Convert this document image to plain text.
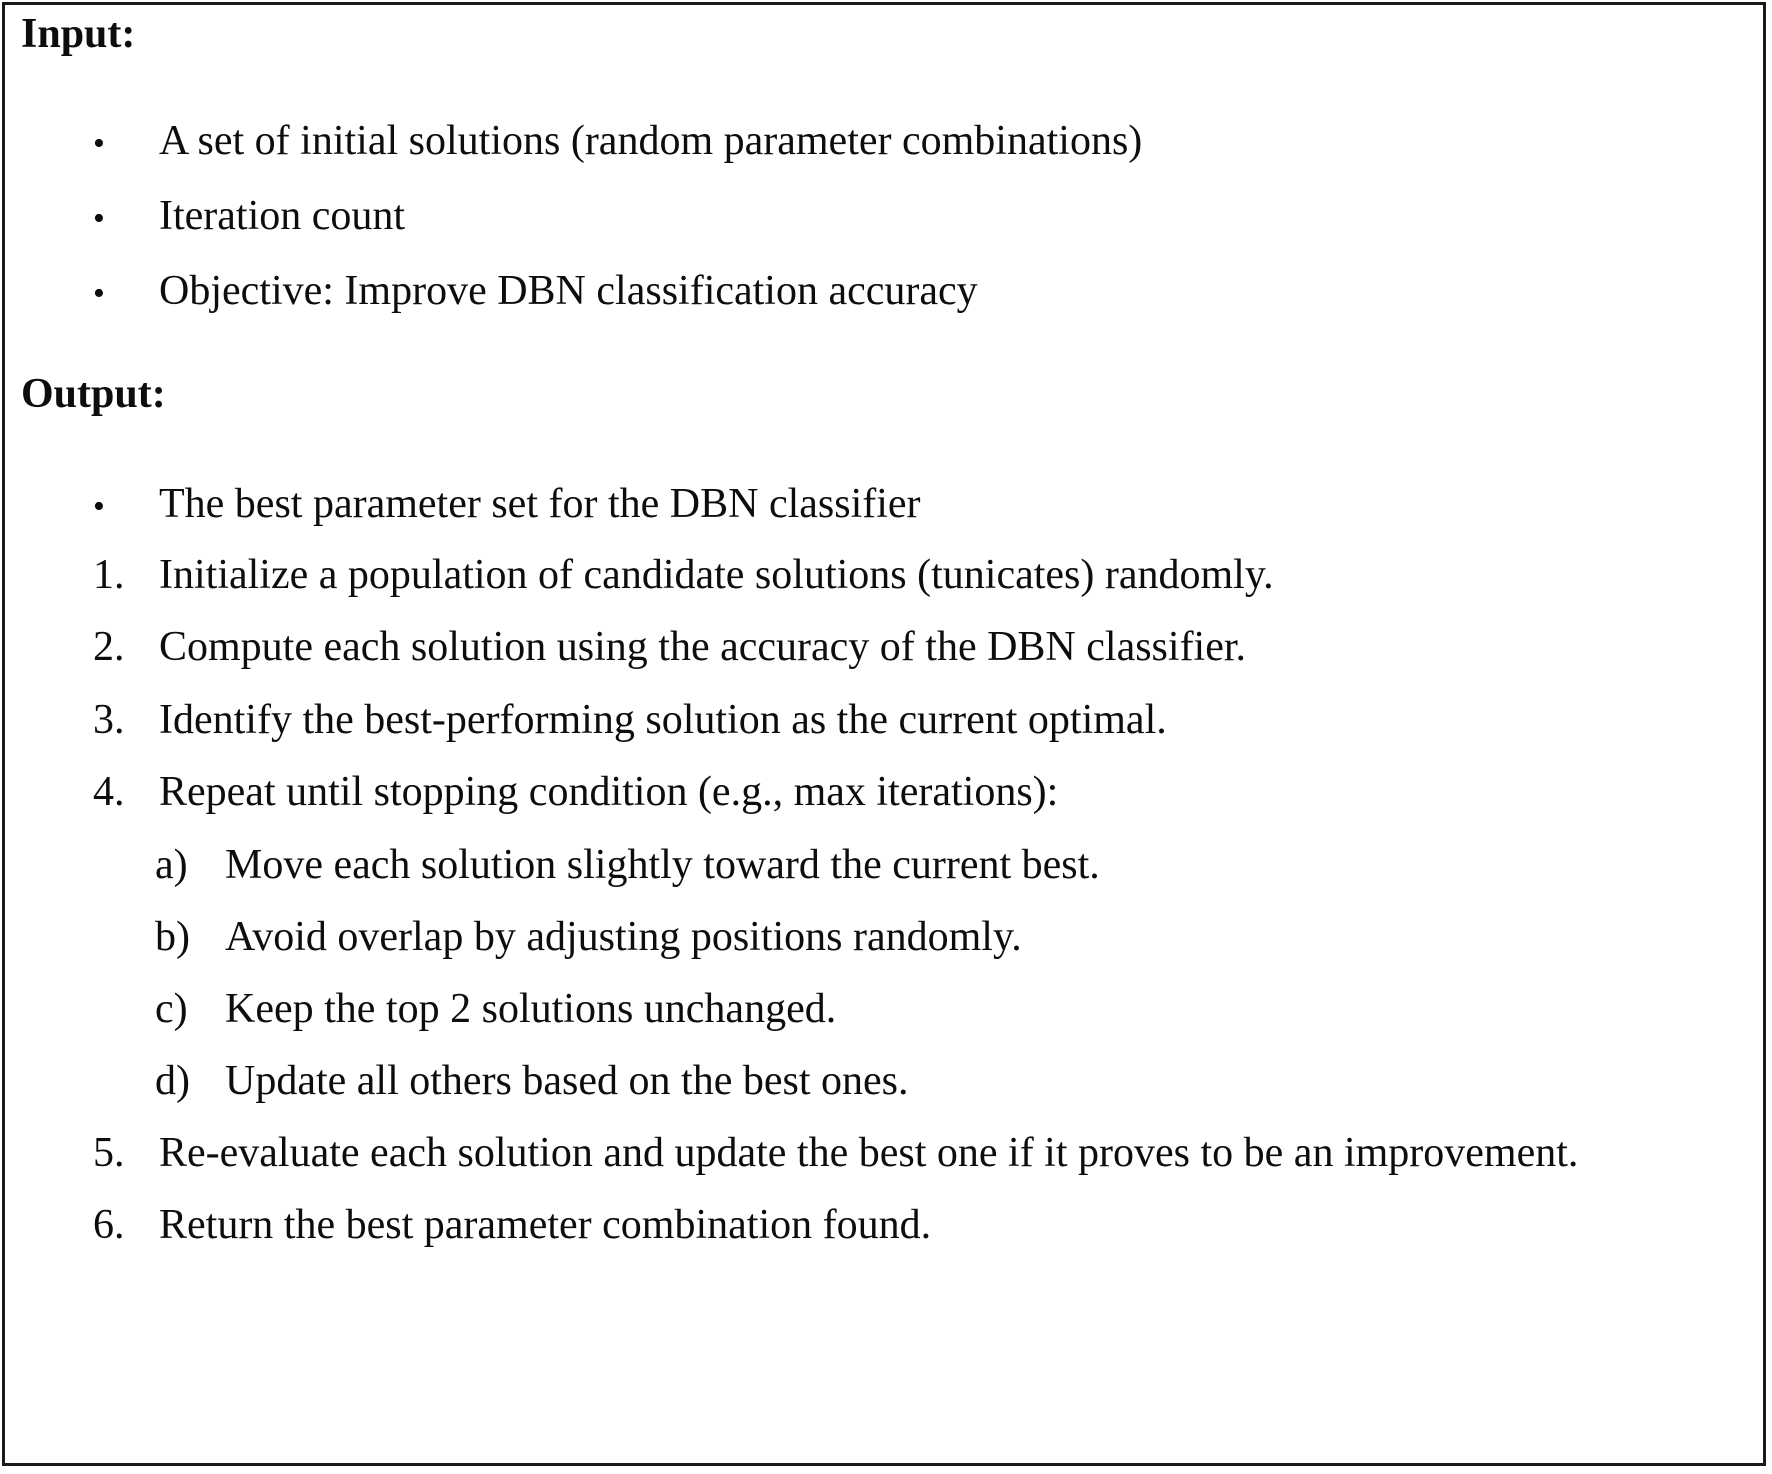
Input:
•	A set of initial solutions (random parameter combinations)
•	Iteration count
•	Objective: Improve DBN classification accuracy
Output:
•	The best parameter set for the DBN classifier
1. Initialize a population of candidate solutions (tunicates) randomly.
2. Compute each solution using the accuracy of the DBN classifier.
3. Identify the best-performing solution as the current optimal.
4. Repeat until stopping condition (e.g., max iterations):
a) Move each solution slightly toward the current best.
b) Avoid overlap by adjusting positions randomly.
c) Keep the top 2 solutions unchanged.
d) Update all others based on the best ones.
5. Re-evaluate each solution and update the best one if it proves to be an improvement.
6. Return the best parameter combination found.
